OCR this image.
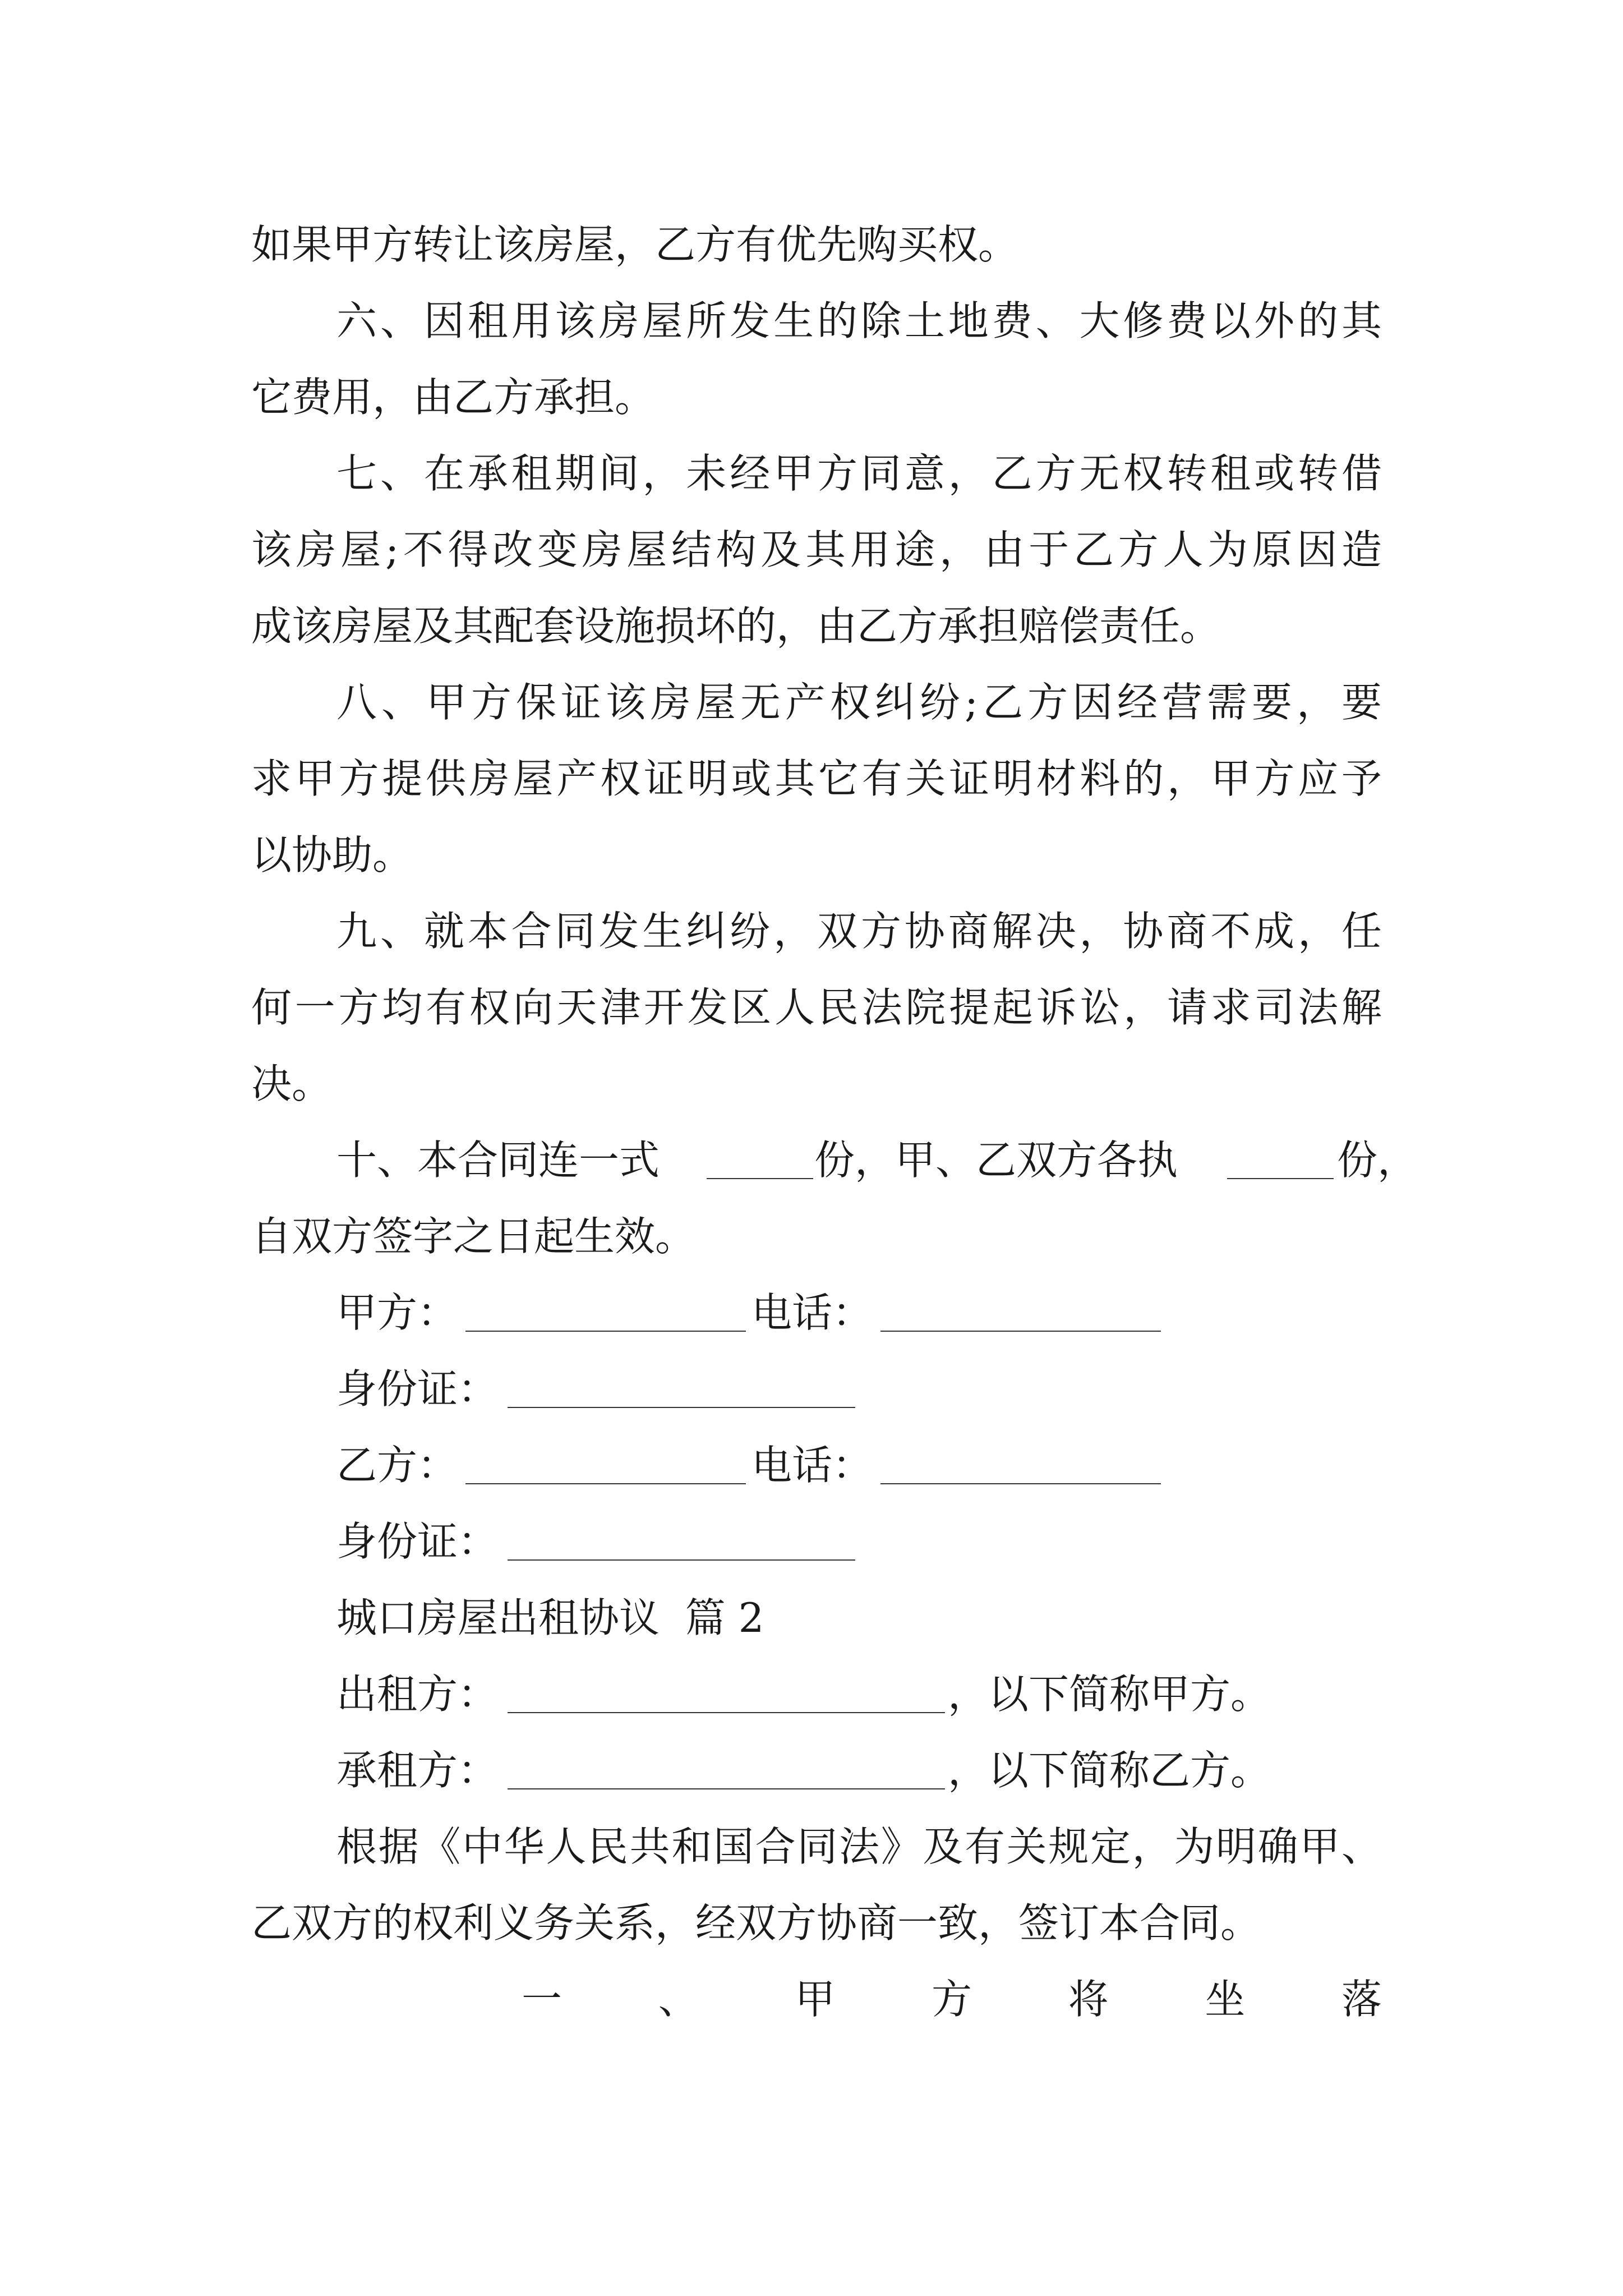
如果甲方转让该房屋，乙方有优先购买权。
六、因租用该房屋所发生的除土地费、大修费以外的其
它费用，由乙方承担。
七、在承租期间，未经甲方同意，乙方无权转租或转借
该房屋;不得改变房屋结构及其用途，由于乙方人为原因造
成该房屋及其配套设施损坏的，由乙方承担赔偿责任。
八、甲方保证该房屋无产权纠纷;乙方因经营需要，要
求甲方提供房屋产权证明或其它有关证明材料的，甲方应予
以协助。
九、就本合同发生纠纷，双方协商解决，协商不成，任
何一方均有权向天津开发区人民法院提起诉讼，请求司法解
决。
十、本合同连一式	份，甲、乙双方各执	份，
自双方签字之日起生效。
甲方：	电话：
身份证：
乙方：	电话：
身份证：
城口房屋出租协议  篇 2
出租方：	，以下简称甲方。
承租方：	，以下简称乙方。
根据《中华人民共和国合同法》及有关规定，为明确甲、
乙双方的权利义务关系，经双方协商一致，签订本合同。
一、甲方将坐落
